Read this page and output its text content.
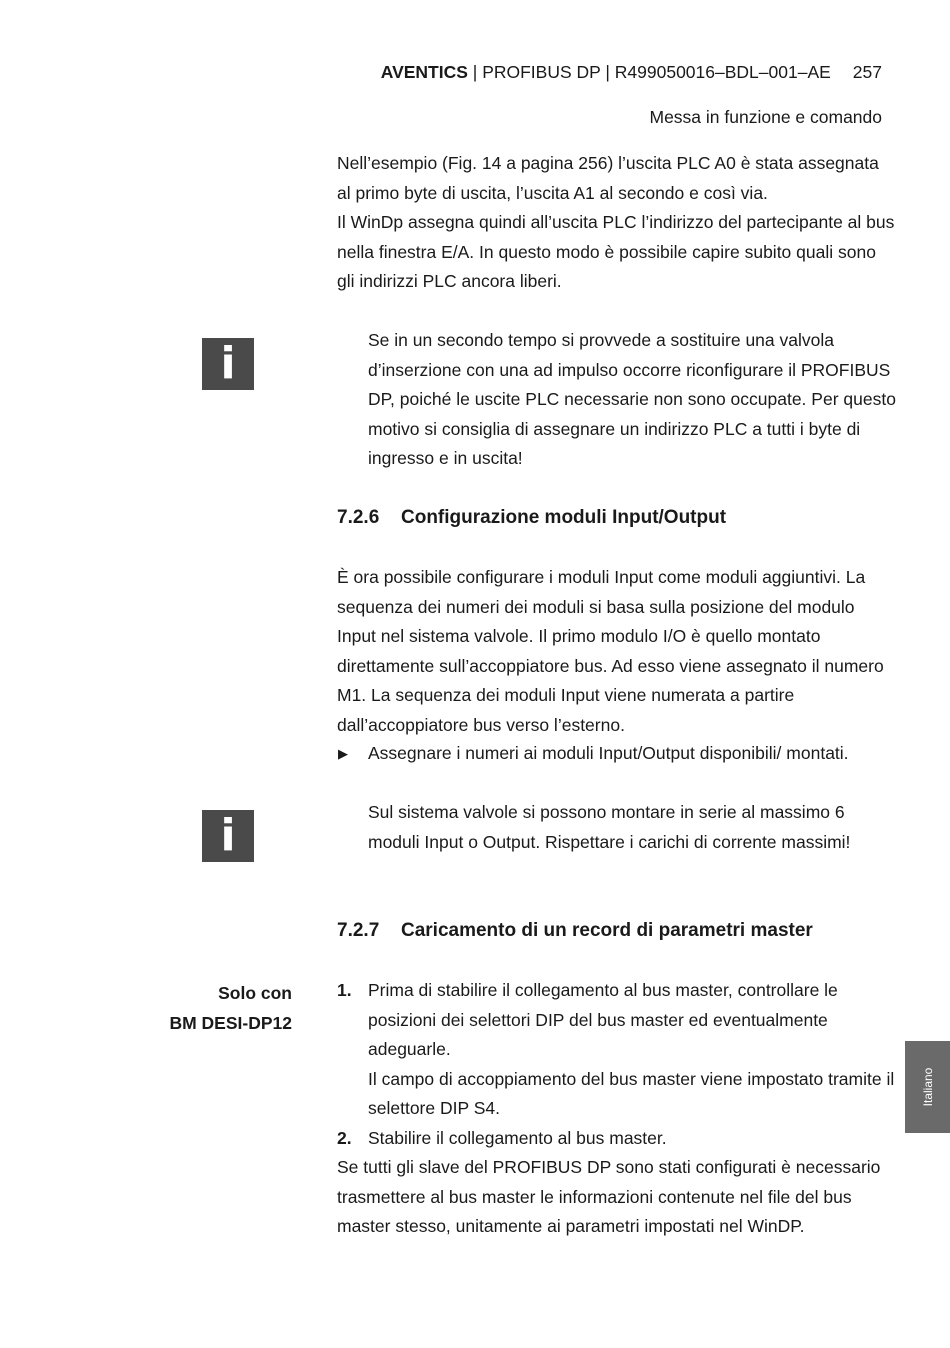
AVENTICS | PROFIBUS DP | R499050016–BDL–001–AE 257
Messa in funzione e comando

Nell’esempio (Fig. 14 a pagina 256) l’uscita PLC A0 è stata assegnata al primo byte di uscita, l’uscita A1 al secondo e così via.

Il WinDp assegna quindi all’uscita PLC l’indirizzo del partecipante al bus nella finestra E/A. In questo modo è possibile capire subito quali sono gli indirizzi PLC ancora liberi.

i	Se in un secondo tempo si provvede a sostituire una valvola d’inserzione con una ad impulso occorre riconfigurare il PROFIBUS DP, poiché le uscite PLC necessarie non sono occupate. Per questo motivo si consiglia di assegnare un indirizzo PLC a tutti i byte di ingresso e in uscita!
7.2.6 Configurazione moduli Input/Output
È ora possibile configurare i moduli Input come moduli aggiuntivi. La sequenza dei numeri dei moduli si basa sulla posizione del modulo Input nel sistema valvole. Il primo modulo I/O è quello montato direttamente sull’accoppiatore bus. Ad esso viene assegnato il numero M1. La sequenza dei moduli Input viene numerata a partire dall’accoppiatore bus verso l’esterno.
▶ Assegnare i numeri ai moduli Input/Output disponibili/ montati.
i	Sul sistema valvole si possono montare in serie al massimo 6 moduli Input o Output. Rispettare i carichi di corrente massimi!
7.2.7 Caricamento di un record di parametri master
Solo con
BM DESI-DP12
1. Prima di stabilire il collegamento al bus master, controllare le posizioni dei selettori DIP del bus master ed eventualmente adeguarle.

Il campo di accoppiamento del bus master viene impostato tramite il selettore DIP S4.

2. Stabilire il collegamento al bus master.
Se tutti gli slave del PROFIBUS DP sono stati configurati è necessario trasmettere al bus master le informazioni contenute nel file del bus master stesso, unitamente ai parametri impostati nel WinDP.
Italiano
